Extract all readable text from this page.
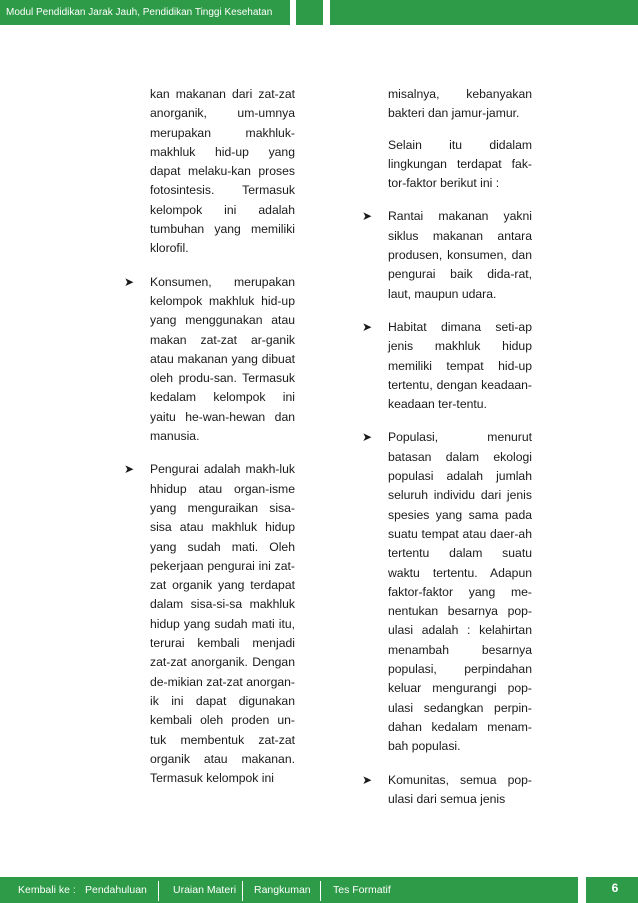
Modul Pendidikan Jarak Jauh, Pendidikan Tinggi Kesehatan

kan makanan dari zat-zat anorganik, um-umnya merupakan makhluk-makhluk hid-up yang dapat melaku-kan proses fotosintesis. Termasuk kelompok ini adalah tumbuhan yang memiliki klorofil.

➤	Konsumen, merupakan kelompok makhluk hid-up yang menggunakan atau makan zat-zat ar-ganik atau makanan yang dibuat oleh produ-san. Termasuk kedalam kelompok ini yaitu he-wan-hewan dan manusia.
➤	Pengurai adalah makh-luk hhidup atau organ-isme yang menguraikan sisa-sisa atau makhluk hidup yang sudah mati. Oleh pekerjaan pengurai ini zat-zat organik yang terdapat dalam sisa-si-sa makhluk hidup yang sudah mati itu, terurai kembali menjadi zat-zat anorganik. Dengan de-mikian zat-zat anorgan-ik ini dapat digunakan kembali oleh proden un-tuk membentuk zat-zat organik atau makanan. Termasuk kelompok ini

misalnya, kebanyakan bakteri dan jamur-jamur.

Selain itu didalam lingkungan terdapat fak-tor-faktor berikut ini :

➤	Rantai makanan yakni siklus makanan antara produsen, konsumen, dan pengurai baik dida-rat, laut, maupun udara.
➤	Habitat dimana seti-ap jenis makhluk hidup memiliki tempat hid-up tertentu, dengan keadaan-keadaan ter-tentu.
➤	Populasi, menurut batasan dalam ekologi populasi adalah jumlah seluruh individu dari jenis spesies yang sama pada suatu tempat atau daer-ah tertentu dalam suatu waktu tertentu. Adapun faktor-faktor yang me-nentukan besarnya pop-ulasi adalah : kelahirtan menambah besarnya populasi, perpindahan keluar mengurangi pop-ulasi sedangkan perpin-dahan kedalam menam-bah populasi.
➤	Komunitas, semua pop-ulasi dari semua jenis
Kembali ke : Pendahuluan Uraian Materi Rangkuman Tes Formatif	6
